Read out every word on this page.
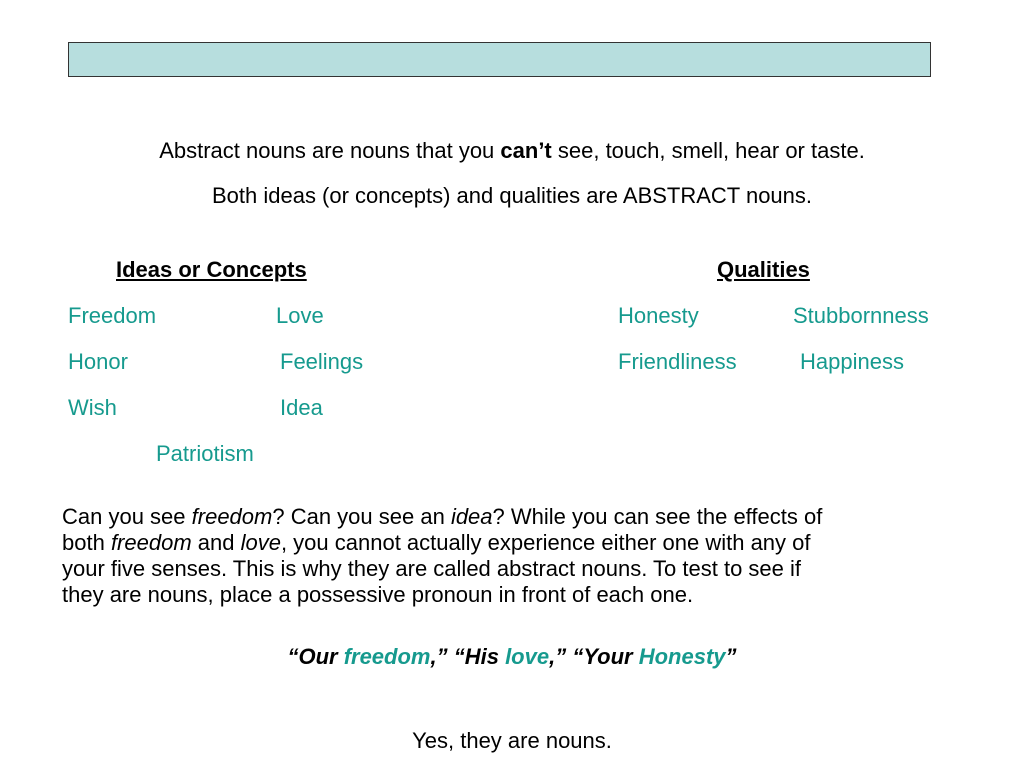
Abstract nouns are nouns that you can’t see, touch, smell, hear or taste.
Both ideas (or concepts) and qualities are ABSTRACT nouns.
Ideas or Concepts
Freedom	Love
Honor	Feelings
Wish	Idea
Patriotism
Qualities
Honesty	Stubbornness
Friendliness	Happiness
Can you see freedom? Can you see an idea? While you can see the effects of
both freedom and love, you cannot actually experience either one with any of
your five senses. This is why they are called abstract nouns. To test to see if
they are nouns, place a possessive pronoun in front of each one.
“Our freedom,” “His love,” “Your Honesty”
Yes, they are nouns.
